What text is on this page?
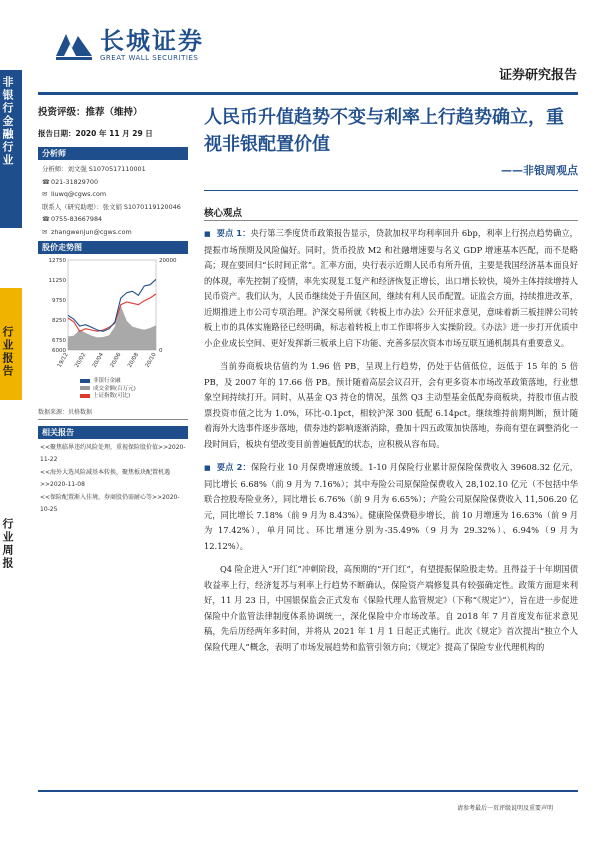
非银行金融行业
行业报告
行业周报
长城证券
GREAT WALL SECURITIES
证券研究报告
投资评级：推荐（维持）
报告日期：2020 年 11 月 29 日
分析师
分析师：刘文强 S1070517110001
☎021-31829700
✉ liuwq@cgws.com
联系人（研究助理）：张文娟 S1070119120046
☎0755-83667984
✉ zhangwenjun@cgws.com
股价走势图
12750
11250
9750
8250
6750
6000
20000
0
19/12 20/02 20/04 20/06 20/08 20/10
非银行金融
成交金额(百万元)
上证指数(可比)
数据来源：贝格数据
相关报告
<<聚焦临界违约风险处理，重视保险股价值>>2020-11-22
<<海外大选风险减基本转换，聚焦板块配置机遇>>2020-11-08
<<保险配置渐入佳境，券商股仍需耐心等>>2020-10-25
人民币升值趋势不变与利率上行趋势确立，重视非银配置价值
——非银周观点
核心观点

■ 要点 1：央行第三季度货币政策报告显示，贷款加权平均利率回升 6bp，利率上行拐点趋势确立，提振市场预期及风险偏好。同时，货币投放 M2 和社融增速要与名义 GDP 增速基本匹配，而不是略高；现在要回归“长时间正常”。汇率方面，央行表示近期人民币有所升值，主要是我国经济基本面良好的体现，率先控制了疫情，率先实现复工复产和经济恢复正增长，出口增长较快，境外主体持续增持人民币资产。我们认为，人民币继续处于升值区间，继续有利人民币配置。证监会方面，持续推进改革，近期推进上市公司专项治理。沪深交易所就《转板上市办法》公开征求意见，意味着新三板挂牌公司转板上市的具体实施路径已经明确，标志着转板上市工作即将步入实操阶段。《办法》进一步打开优质中小企业成长空间、更好发挥新三板承上启下功能、充善多层次资本市场互联互通机制具有重要意义。

当前券商板块估值约为 1.96 倍 PB，呈现上行趋势，仍处于估值低位，远低于 15 年的 5 倍 PB，及 2007 年的 17.66 倍 PB。预计随着高层会议召开，会有更多资本市场改革政策落地，行业想象空间持续打开。同时，从基金 Q3 持仓的情况，虽然 Q3 主动型基金低配券商板块，持股市值占股票投资市值之比为 1.0%，环比-0.1pct，相较沪深 300 低配 6.14pct。继续维持前期判断，预计随着海外大选事件逐步落地，债券违约影响逐渐消除，叠加十四五政策加快落地，券商有望在调整消化一段时间后，板块有望改变目前普遍低配的状态，应积极从容布局。

■ 要点 2：保险行业 10 月保费增速放缓。1-10 月保险行业累计原保险保费收入 39608.32 亿元，同比增长 6.68%（前 9 月为 7.16%）；其中寿险公司原保险保费收入 28,102.10 亿元（不包括中华联合控股寿险业务），同比增长 6.76%（前 9 月为 6.65%）；产险公司原保险保费收入 11,506.20 亿元，同比增长 7.18%（前 9 月为 8.43%）。健康险保费稳步增长，前 10 月增速为 16.63%（前 9 月为 17.42%），单月同比、环比增速分别为-35.49%（9 月为 29.32%）、6.94%（9 月为 12.12%）。

Q4 险企进入“开门红”冲刺阶段，高预期的“开门红”，有望提振保险股走势。且得益于十年期国债收益率上行，经济复苏与利率上行趋势不断确认，保险资产端修复具有较强确定性。政策方面迎来利好，11 月 23 日，中国银保监会正式发布《保险代理人监管规定》（下称“《规定》”），旨在进一步促进保险中介监管法律制度体系协调统一，深化保险中介市场改革。自 2018 年 7 月首度发布征求意见稿，先后历经两年多时间，并将从 2021 年 1 月 1 日起正式施行。此次《规定》首次提出“独立个人保险代理人”概念，表明了市场发展趋势和监管引领方向；《规定》提高了保险专业代理机构的

请参考最后一页评级说明及重要声明
